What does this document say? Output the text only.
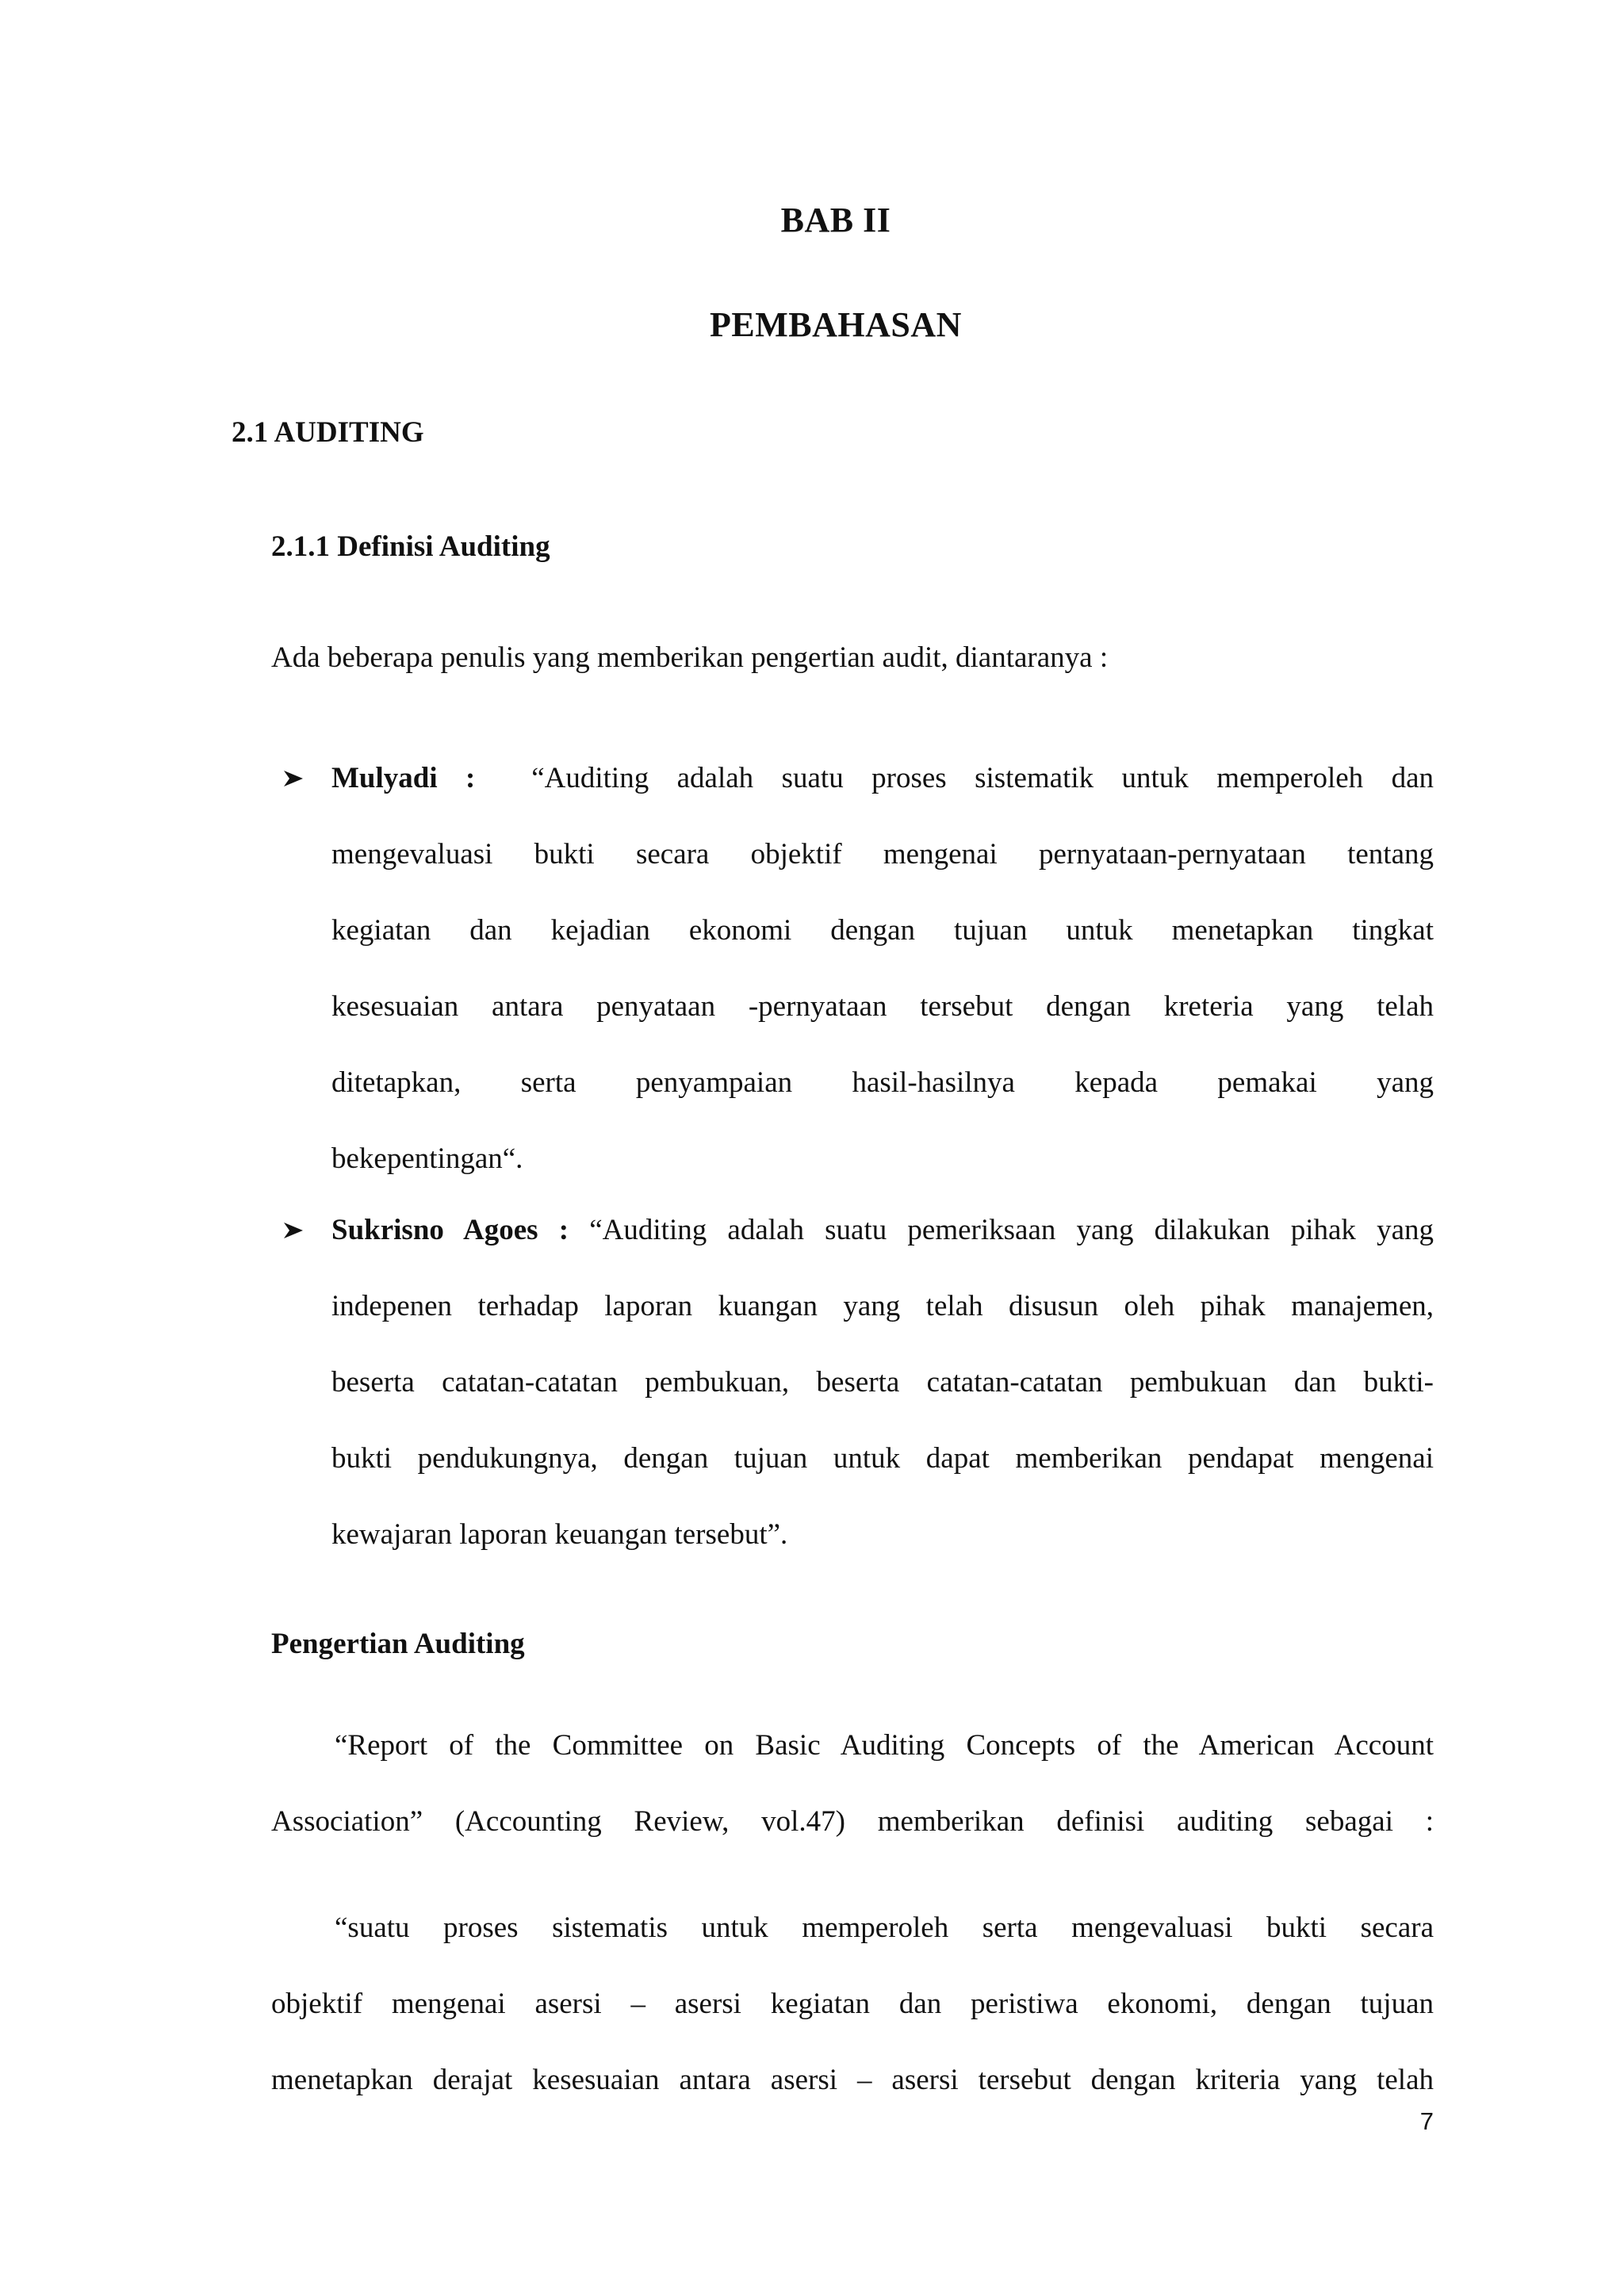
BAB II
PEMBAHASAN
2.1 AUDITING
2.1.1 Definisi Auditing
Ada beberapa penulis yang memberikan pengertian audit, diantaranya :
Mulyadi : “Auditing adalah suatu proses sistematik untuk memperoleh dan
mengevaluasi bukti secara objektif mengenai pernyataan-pernyataan tentang
kegiatan dan kejadian ekonomi dengan tujuan untuk menetapkan tingkat
kesesuaian antara penyataan -pernyataan tersebut dengan kreteria yang telah
ditetapkan, serta penyampaian hasil-hasilnya kepada pemakai yang
bekepentingan“.
Sukrisno Agoes : “Auditing adalah suatu pemeriksaan yang dilakukan pihak yang
indepenen terhadap laporan kuangan yang telah disusun oleh pihak manajemen,
beserta catatan-catatan pembukuan, beserta catatan-catatan pembukuan dan bukti-
bukti pendukungnya, dengan tujuan untuk dapat memberikan pendapat mengenai
kewajaran laporan keuangan tersebut”.
Pengertian Auditing
“Report of the Committee on Basic Auditing Concepts of the American Account
Association” (Accounting Review, vol.47) memberikan definisi auditing sebagai :
“suatu proses sistematis untuk memperoleh serta mengevaluasi bukti secara
objektif mengenai asersi – asersi kegiatan dan peristiwa ekonomi, dengan tujuan
menetapkan derajat kesesuaian antara asersi – asersi tersebut dengan kriteria yang telah
7
